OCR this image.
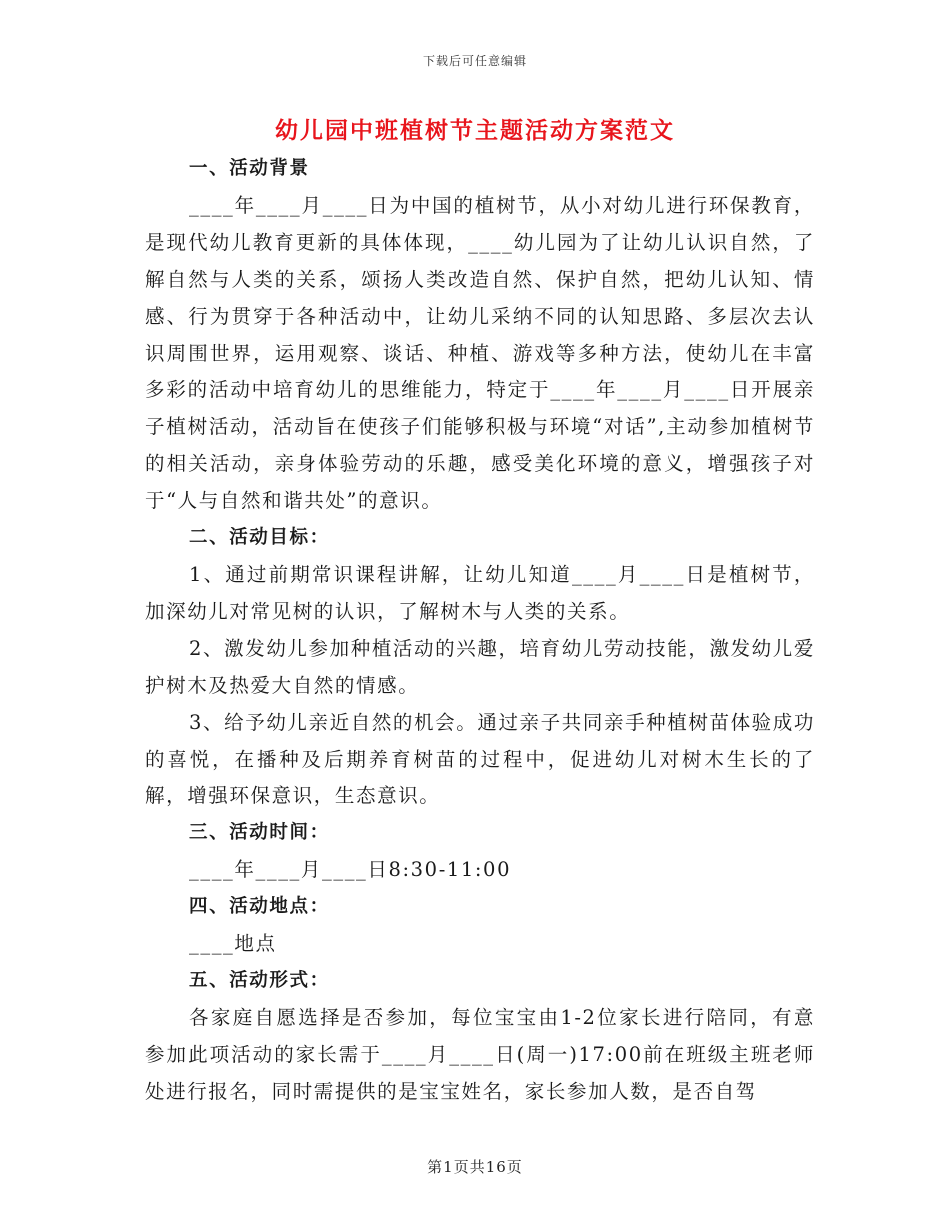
下载后可任意编辑
幼儿园中班植树节主题活动方案范文

一、活动背景

____年____月____日为中国的植树节，从小对幼儿进行环保教育，是现代幼儿教育更新的具体体现，____幼儿园为了让幼儿认识自然，了解自然与人类的关系，颂扬人类改造自然、保护自然，把幼儿认知、情感、行为贯穿于各种活动中，让幼儿采纳不同的认知思路、多层次去认识周围世界，运用观察、谈话、种植、游戏等多种方法，使幼儿在丰富多彩的活动中培育幼儿的思维能力，特定于____年____月____日开展亲子植树活动，活动旨在使孩子们能够积极与环境“对话”,主动参加植树节的相关活动，亲身体验劳动的乐趣，感受美化环境的意义，增强孩子对于“人与自然和谐共处”的意识。

二、活动目标：

1、通过前期常识课程讲解，让幼儿知道____月____日是植树节，加深幼儿对常见树的认识，了解树木与人类的关系。

2、激发幼儿参加种植活动的兴趣，培育幼儿劳动技能，激发幼儿爱护树木及热爱大自然的情感。

3、给予幼儿亲近自然的机会。通过亲子共同亲手种植树苗体验成功的喜悦，在播种及后期养育树苗的过程中，促进幼儿对树木生长的了解，增强环保意识，生态意识。

三、活动时间：

____年____月____日8:30-11:00

四、活动地点：

____地点

五、活动形式：

各家庭自愿选择是否参加，每位宝宝由1-2位家长进行陪同，有意参加此项活动的家长需于____月____日(周一)17:00前在班级主班老师处进行报名，同时需提供的是宝宝姓名，家长参加人数，是否自驾

第1页共16页
